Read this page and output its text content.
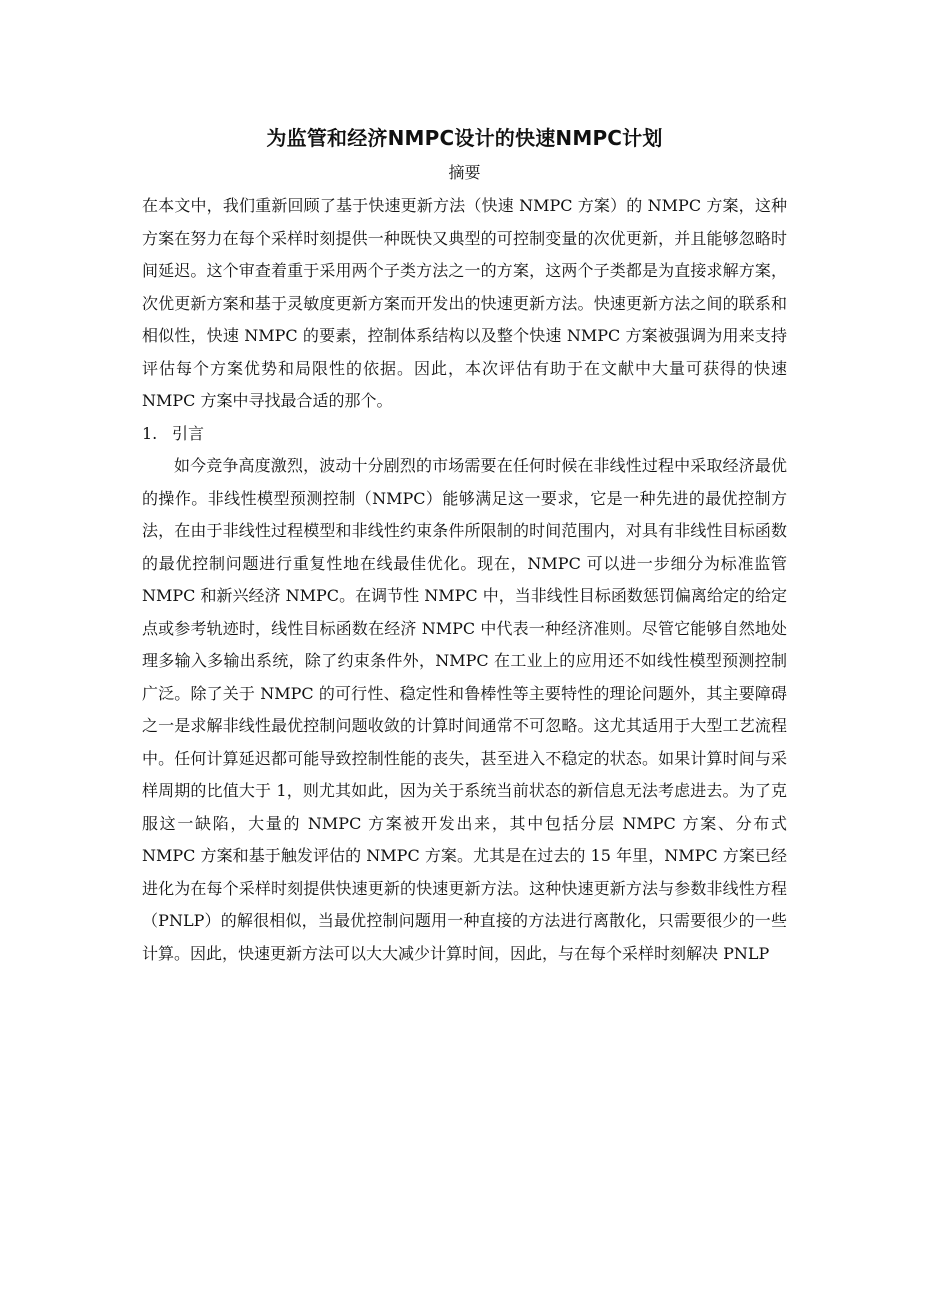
为监管和经济NMPC设计的快速NMPC计划

摘要

在本文中，我们重新回顾了基于快速更新方法（快速 NMPC 方案）的 NMPC 方案，这种方案在努力在每个采样时刻提供一种既快又典型的可控制变量的次优更新，并且能够忽略时间延迟。这个审查着重于采用两个子类方法之一的方案，这两个子类都是为直接求解方案，次优更新方案和基于灵敏度更新方案而开发出的快速更新方法。快速更新方法之间的联系和相似性，快速 NMPC 的要素，控制体系结构以及整个快速 NMPC 方案被强调为用来支持评估每个方案优势和局限性的依据。因此，本次评估有助于在文献中大量可获得的快速 NMPC 方案中寻找最合适的那个。

1. 引言

如今竞争高度激烈，波动十分剧烈的市场需要在任何时候在非线性过程中采取经济最优的操作。非线性模型预测控制（NMPC）能够满足这一要求，它是一种先进的最优控制方法，在由于非线性过程模型和非线性约束条件所限制的时间范围内，对具有非线性目标函数的最优控制问题进行重复性地在线最佳优化。现在，NMPC 可以进一步细分为标准监管 NMPC 和新兴经济 NMPC。在调节性 NMPC 中，当非线性目标函数惩罚偏离给定的给定点或参考轨迹时，线性目标函数在经济 NMPC 中代表一种经济准则。尽管它能够自然地处理多输入多输出系统，除了约束条件外，NMPC 在工业上的应用还不如线性模型预测控制广泛。除了关于 NMPC 的可行性、稳定性和鲁棒性等主要特性的理论问题外，其主要障碍之一是求解非线性最优控制问题收敛的计算时间通常不可忽略。这尤其适用于大型工艺流程中。任何计算延迟都可能导致控制性能的丧失，甚至进入不稳定的状态。如果计算时间与采样周期的比值大于 1，则尤其如此，因为关于系统当前状态的新信息无法考虑进去。为了克服这一缺陷，大量的 NMPC 方案被开发出来，其中包括分层 NMPC 方案、分布式 NMPC 方案和基于触发评估的 NMPC 方案。尤其是在过去的 15 年里，NMPC 方案已经进化为在每个采样时刻提供快速更新的快速更新方法。这种快速更新方法与参数非线性方程（PNLP）的解很相似，当最优控制问题用一种直接的方法进行离散化，只需要很少的一些计算。因此，快速更新方法可以大大减少计算时间，因此，与在每个采样时刻解决 PNLP
